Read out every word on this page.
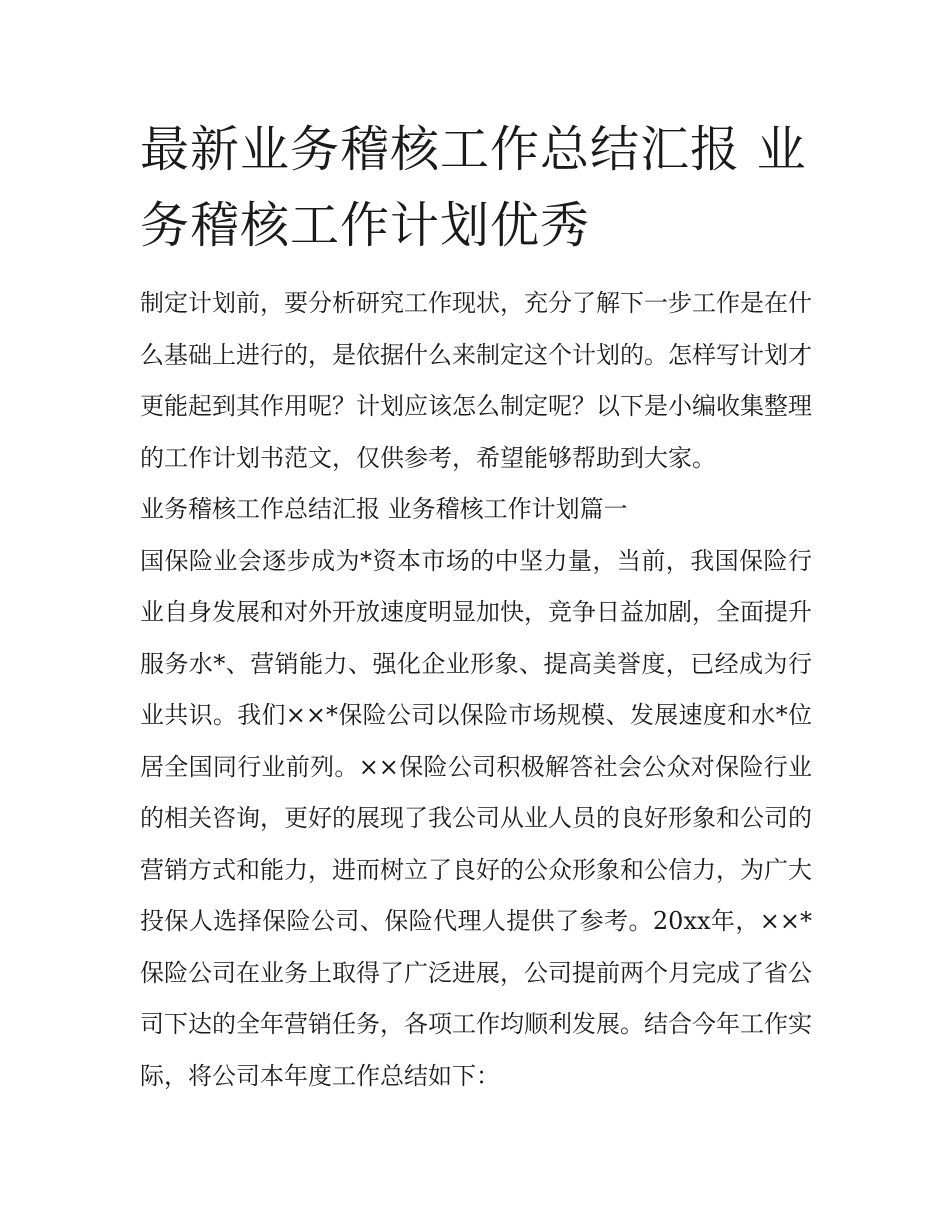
最新业务稽核工作总结汇报 业务稽核工作计划优秀

制定计划前，要分析研究工作现状，充分了解下一步工作是在什么基础上进行的，是依据什么来制定这个计划的。怎样写计划才更能起到其作用呢？计划应该怎么制定呢？以下是小编收集整理的工作计划书范文，仅供参考，希望能够帮助到大家。

业务稽核工作总结汇报 业务稽核工作计划篇一

国保险业会逐步成为*资本市场的中坚力量，当前，我国保险行业自身发展和对外开放速度明显加快，竞争日益加剧，全面提升服务水*、营销能力、强化企业形象、提高美誉度，已经成为行业共识。我们××*保险公司以保险市场规模、发展速度和水*位居全国同行业前列。××保险公司积极解答社会公众对保险行业的相关咨询，更好的展现了我公司从业人员的良好形象和公司的营销方式和能力，进而树立了良好的公众形象和公信力，为广大投保人选择保险公司、保险代理人提供了参考。20xx年，××*保险公司在业务上取得了广泛进展，公司提前两个月完成了省公司下达的全年营销任务，各项工作均顺利发展。结合今年工作实际，将公司本年度工作总结如下：
